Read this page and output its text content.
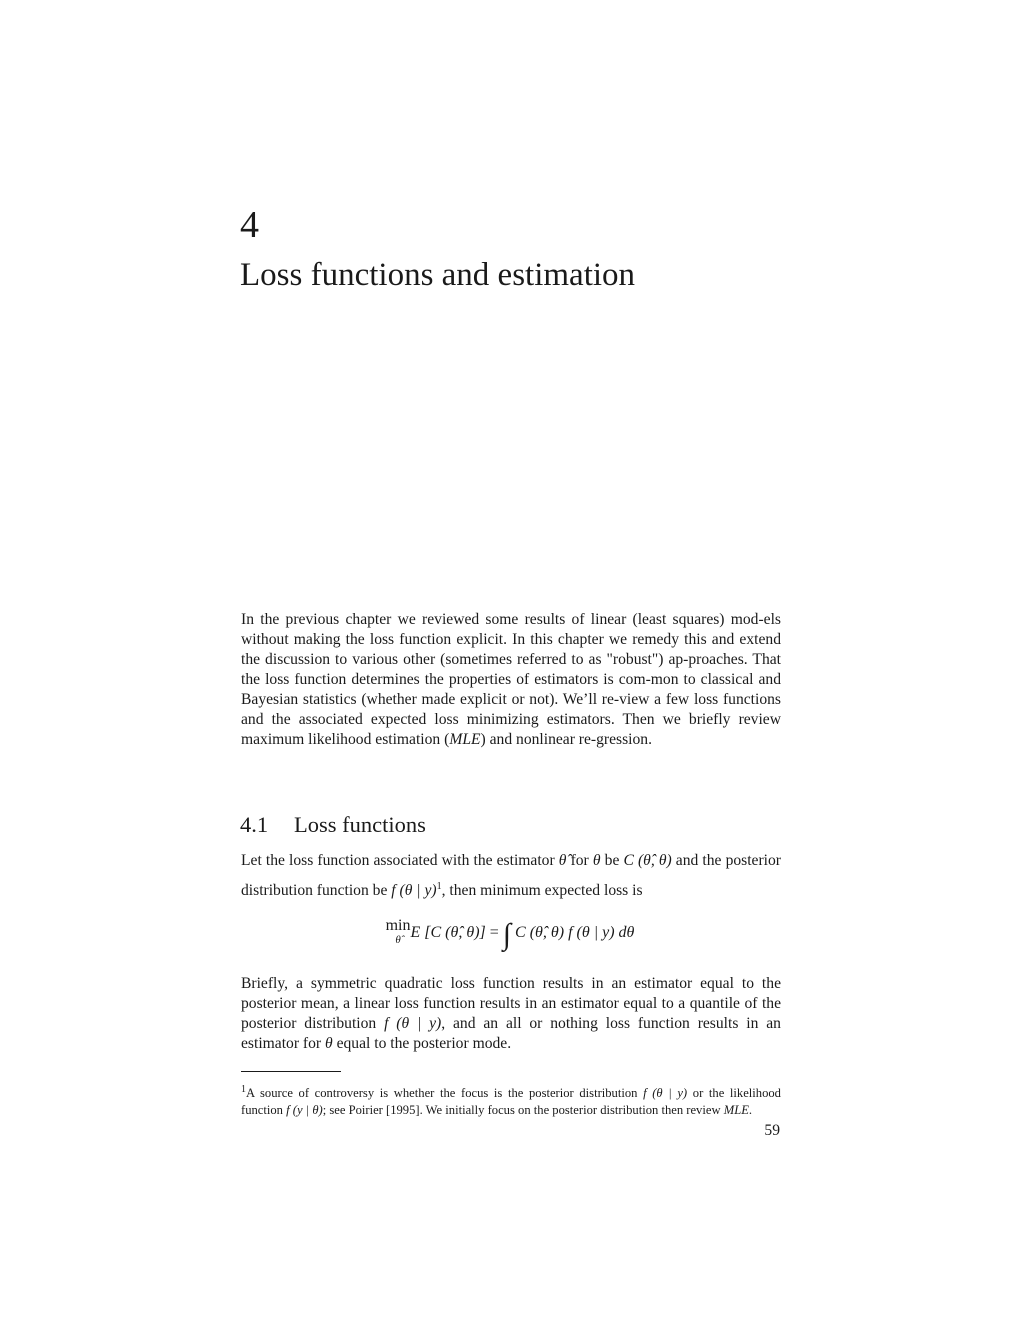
4
Loss functions and estimation
In the previous chapter we reviewed some results of linear (least squares) mod-els without making the loss function explicit. In this chapter we remedy this and extend the discussion to various other (sometimes referred to as "robust") ap-proaches. That the loss function determines the properties of estimators is com-mon to classical and Bayesian statistics (whether made explicit or not). We’ll re-view a few loss functions and the associated expected loss minimizing estimators. Then we briefly review maximum likelihood estimation (MLE) and nonlinear re-gression.
4.1 Loss functions
Let the loss function associated with the estimator θ̂ for θ be C (θ̂, θ) and the posterior distribution function be f (θ | y)$^1$, then minimum expected loss is
min
θ̂ E [C (θ̂, θ)] = ∫ C (θ̂, θ) f (θ | y) dθ
Briefly, a symmetric quadratic loss function results in an estimator equal to the posterior mean, a linear loss function results in an estimator equal to a quantile of the posterior distribution f (θ | y), and an all or nothing loss function results in an estimator for θ equal to the posterior mode.
$^1$A source of controversy is whether the focus is the posterior distribution f (θ | y) or the likelihood function f (y | θ); see Poirier [1995]. We initially focus on the posterior distribution then review MLE.
59
